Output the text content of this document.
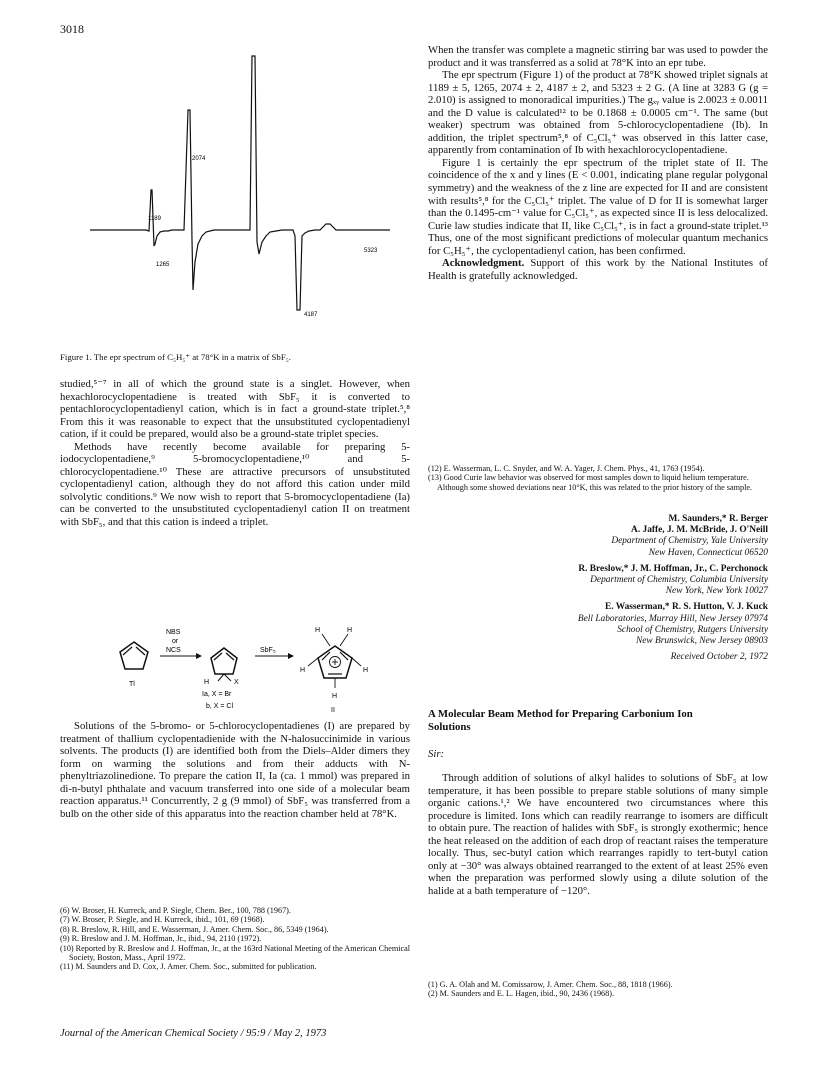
3018
1189
1265
2074
4187
5323
Figure 1. The epr spectrum of C₅H₅⁺ at 78°K in a matrix of SbF₅.

studied,⁵⁻⁷ in all of which the ground state is a singlet. However, when hexachlorocyclopentadiene is treated with SbF₅ it is converted to pentachlorocyclopentadienyl cation, which is in fact a ground-state triplet.⁵,⁸ From this it was reasonable to expect that the unsubstituted cyclopentadienyl cation, if it could be prepared, would also be a ground-state triplet species.

Methods have recently become available for preparing 5-iodocyclopentadiene,⁹ 5-bromocyclopentadiene,¹⁰ and 5-chlorocyclopentadiene.¹⁰ These are attractive precursors of unsubstituted cyclopentadienyl cation, although they do not afford this cation under mild solvolytic conditions.⁹ We now wish to report that 5-bromocyclopentadiene (Ia) can be converted to the unsubstituted cyclopentadienyl cation II on treatment with SbF₅, and that this cation is indeed a triplet.

Tl
NBS
or
NCS
H	X
Ia, X = Br
b, X = Cl
SbF₅
H	H
H	H
H
II

Solutions of the 5-bromo- or 5-chlorocyclopentadienes (I) are prepared by treatment of thallium cyclopentadienide with the N-halosuccinimide in various solvents. The products (I) are identified both from the Diels–Alder dimers they form on warming the solutions and from their adducts with N-phenyltriazolinedione. To prepare the cation II, Ia (ca. 1 mmol) was prepared in di-n-butyl phthalate and vacuum transferred into one side of a molecular beam reaction apparatus.¹¹ Concurrently, 2 g (9 mmol) of SbF₅ was transferred from a bulb on the other side of this apparatus into the reaction chamber held at 78°K.

(6) W. Broser, H. Kurreck, and P. Siegle, Chem. Ber., 100, 788 (1967).

(7) W. Broser, P. Siegle, and H. Kurreck, ibid., 101, 69 (1968).

(8) R. Breslow, R. Hill, and E. Wasserman, J. Amer. Chem. Soc., 86, 5349 (1964).

(9) R. Breslow and J. M. Hoffman, Jr., ibid., 94, 2110 (1972).

(10) Reported by R. Breslow and J. Hoffman, Jr., at the 163rd National Meeting of the American Chemical Society, Boston, Mass., April 1972.

(11) M. Saunders and D. Cox, J. Amer. Chem. Soc., submitted for publication.

When the transfer was complete a magnetic stirring bar was used to powder the product and it was transferred as a solid at 78°K into an epr tube.

The epr spectrum (Figure 1) of the product at 78°K showed triplet signals at 1189 ± 5, 1265, 2074 ± 2, 4187 ± 2, and 5323 ± 2 G. (A line at 3283 G (g = 2.010) is assigned to monoradical impurities.) The gₓᵧ value is 2.0023 ± 0.0011 and the D value is calculated¹² to be 0.1868 ± 0.0005 cm⁻¹. The same (but weaker) spectrum was obtained from 5-chlorocyclopentadiene (Ib). In addition, the triplet spectrum⁵,⁸ of C₅Cl₅⁺ was observed in this latter case, apparently from contamination of Ib with hexachlorocyclopentadiene.

Figure 1 is certainly the epr spectrum of the triplet state of II. The coincidence of the x and y lines (E < 0.001, indicating plane regular polygonal symmetry) and the weakness of the z line are expected for II and are consistent with results⁵,⁸ for the C₅Cl₅⁺ triplet. The value of D for II is somewhat larger than the 0.1495-cm⁻¹ value for C₅Cl₅⁺, as expected since II is less delocalized. Curie law studies indicate that II, like C₅Cl₅⁺, is in fact a ground-state triplet.¹³ Thus, one of the most significant predictions of molecular quantum mechanics for C₅H₅⁺, the cyclopentadienyl cation, has been confirmed.

Acknowledgment. Support of this work by the National Institutes of Health is gratefully acknowledged.

(12) E. Wasserman, L. C. Snyder, and W. A. Yager, J. Chem. Phys., 41, 1763 (1954).

(13) Good Curie law behavior was observed for most samples down to liquid helium temperature. Although some showed deviations near 10°K, this was related to the prior history of the sample.

M. Saunders,* R. Berger
A. Jaffe, J. M. McBride, J. O'Neill
Department of Chemistry, Yale University
New Haven, Connecticut 06520
R. Breslow,* J. M. Hoffman, Jr., C. Perchonock
Department of Chemistry, Columbia University
New York, New York 10027
E. Wasserman,* R. S. Hutton, V. J. Kuck
Bell Laboratories, Murray Hill, New Jersey 07974
School of Chemistry, Rutgers University
New Brunswick, New Jersey 08903
Received October 2, 1972
A Molecular Beam Method for Preparing Carbonium Ion Solutions
Sir:

Through addition of solutions of alkyl halides to solutions of SbF₅ at low temperature, it has been possible to prepare stable solutions of many simple organic cations.¹,² We have encountered two circumstances where this procedure is limited. Ions which can readily rearrange to isomers are difficult to obtain pure. The reaction of halides with SbF₅ is strongly exothermic; hence the heat released on the addition of each drop of reactant raises the temperature locally. Thus, sec-butyl cation which rearranges rapidly to tert-butyl cation only at −30° was always obtained rearranged to the extent of at least 25% even when the preparation was performed slowly using a dilute solution of the halide at a bath temperature of −120°.

(1) G. A. Olah and M. Comissarow, J. Amer. Chem. Soc., 88, 1818 (1966).

(2) M. Saunders and E. L. Hagen, ibid., 90, 2436 (1968).

Journal of the American Chemical Society / 95:9 / May 2, 1973
